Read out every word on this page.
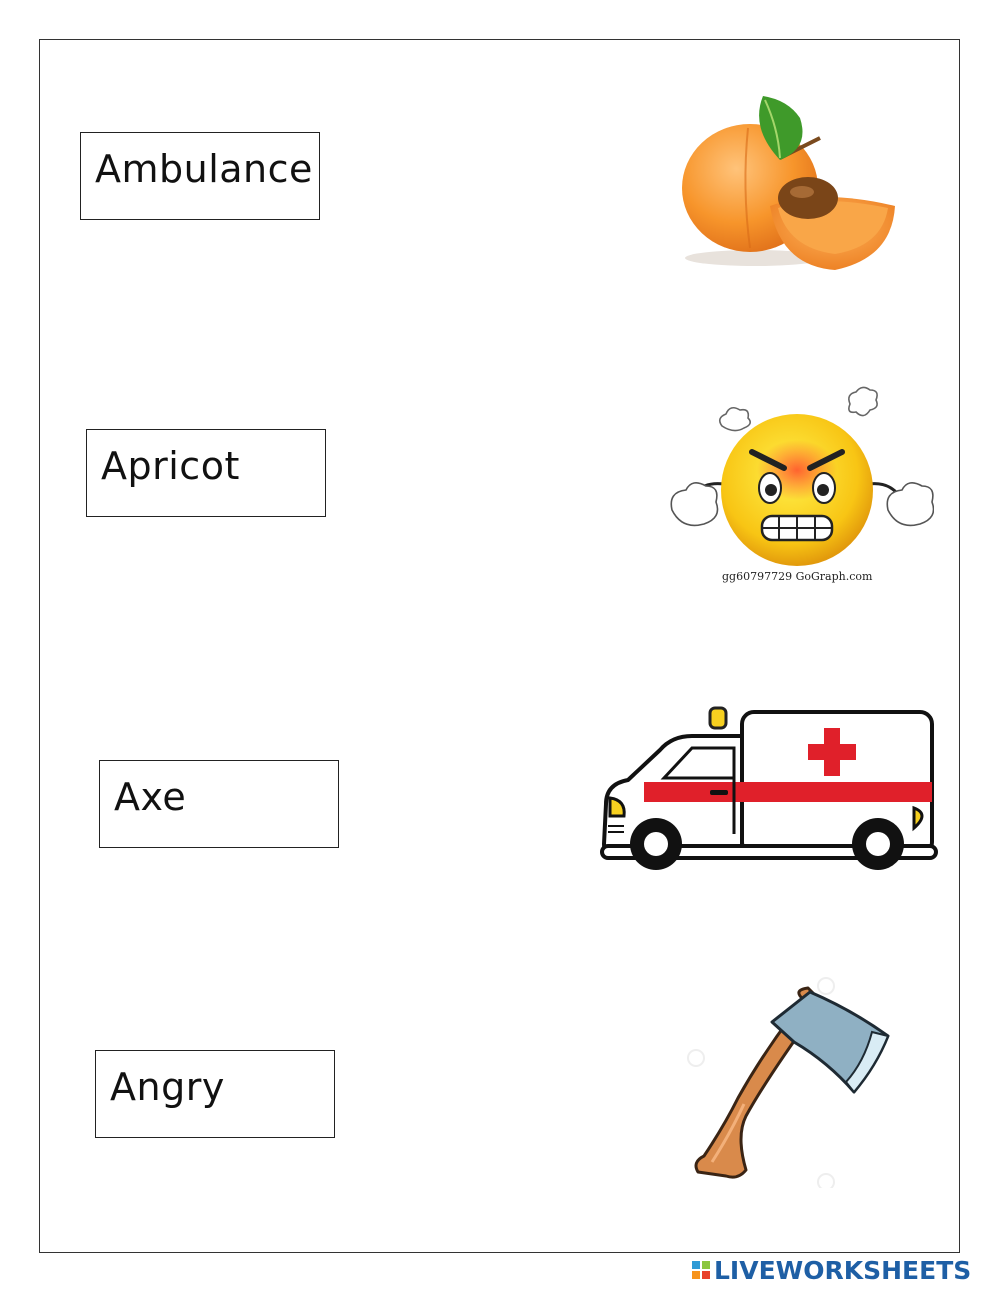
Ambulance
Apricot
Axe
Angry
gg60797729 GoGraph.com
LIVEWORKSHEETS
